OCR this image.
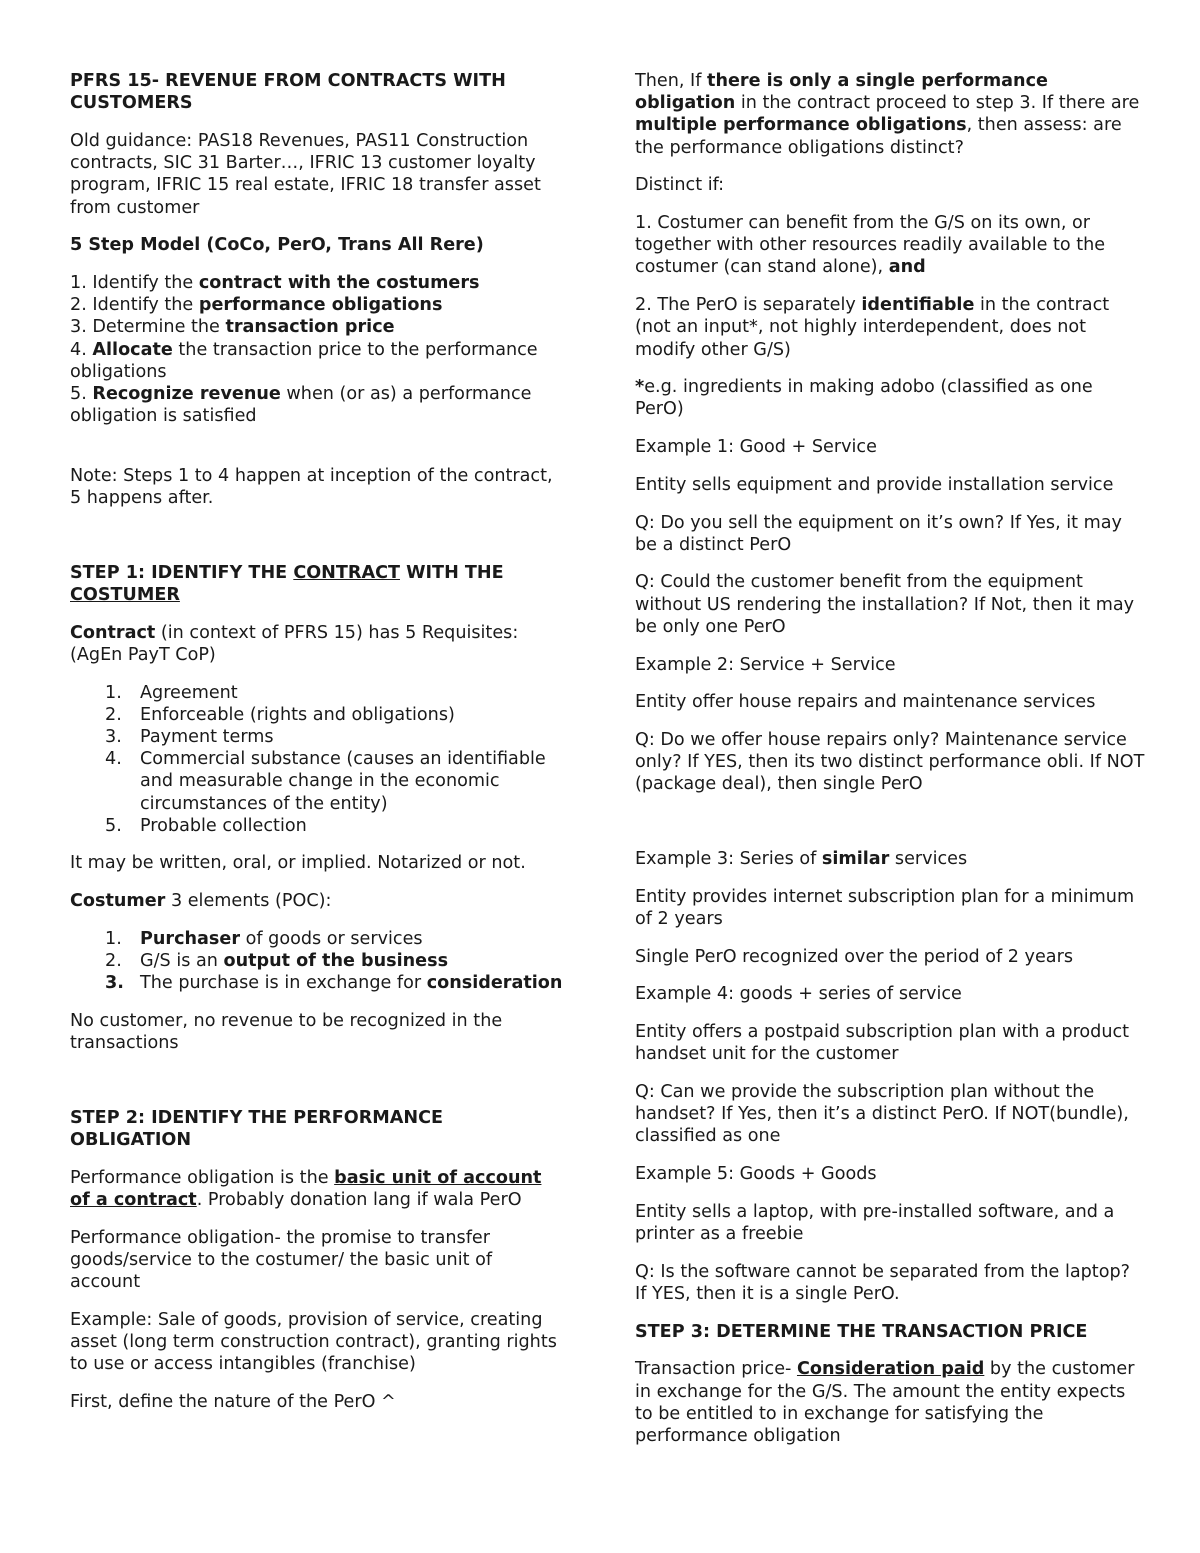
PFRS 15- REVENUE FROM CONTRACTS WITH CUSTOMERS
Old guidance: PAS18 Revenues, PAS11 Construction contracts, SIC 31 Barter…, IFRIC 13 customer loyalty program, IFRIC 15 real estate, IFRIC 18 transfer asset from customer
5 Step Model (CoCo, PerO, Trans All Rere)
1. Identify the contract with the costumers
2. Identify the performance obligations
3. Determine the transaction price
4. Allocate the transaction price to the performance obligations
5. Recognize revenue when (or as) a performance obligation is satisfied
Note: Steps 1 to 4 happen at inception of the contract, 5 happens after.
STEP 1: IDENTIFY THE CONTRACT WITH THE COSTUMER
Contract (in context of PFRS 15) has 5 Requisites: (AgEn PayT CoP)
1.	Agreement
2.	Enforceable (rights and obligations)
3.	Payment terms
4.	Commercial substance (causes an identifiable and measurable change in the economic circumstances of the entity)
5.	Probable collection
It may be written, oral, or implied. Notarized or not.
Costumer 3 elements (POC):
1.	Purchaser of goods or services
2.	G/S is an output of the business
3. The purchase is in exchange for consideration
No customer, no revenue to be recognized in the transactions
STEP 2: IDENTIFY THE PERFORMANCE OBLIGATION
Performance obligation is the basic unit of account of a contract. Probably donation lang if wala PerO
Performance obligation- the promise to transfer goods/service to the costumer/ the basic unit of account
Example: Sale of goods, provision of service, creating asset (long term construction contract), granting rights to use or access intangibles (franchise)
First, define the nature of the PerO ^
Then, If there is only a single performance obligation in the contract proceed to step 3. If there are multiple performance obligations, then assess: are the performance obligations distinct?
Distinct if:
1. Costumer can benefit from the G/S on its own, or together with other resources readily available to the costumer (can stand alone), and
2. The PerO is separately identifiable in the contract (not an input*, not highly interdependent, does not modify other G/S)
*e.g. ingredients in making adobo (classified as one PerO)
Example 1: Good + Service
Entity sells equipment and provide installation service
Q: Do you sell the equipment on it’s own? If Yes, it may be a distinct PerO
Q: Could the customer benefit from the equipment without US rendering the installation? If Not, then it may be only one PerO
Example 2: Service + Service
Entity offer house repairs and maintenance services
Q: Do we offer house repairs only? Maintenance service only? If YES, then its two distinct performance obli. If NOT (package deal), then single PerO
Example 3: Series of similar services
Entity provides internet subscription plan for a minimum of 2 years
Single PerO recognized over the period of 2 years
Example 4: goods + series of service
Entity offers a postpaid subscription plan with a product handset unit for the customer
Q: Can we provide the subscription plan without the handset? If Yes, then it’s a distinct PerO. If NOT(bundle), classified as one
Example 5: Goods + Goods
Entity sells a laptop, with pre-installed software, and a printer as a freebie
Q: Is the software cannot be separated from the laptop? If YES, then it is a single PerO.
STEP 3: DETERMINE THE TRANSACTION PRICE
Transaction price- Consideration paid by the customer in exchange for the G/S. The amount the entity expects to be entitled to in exchange for satisfying the performance obligation
